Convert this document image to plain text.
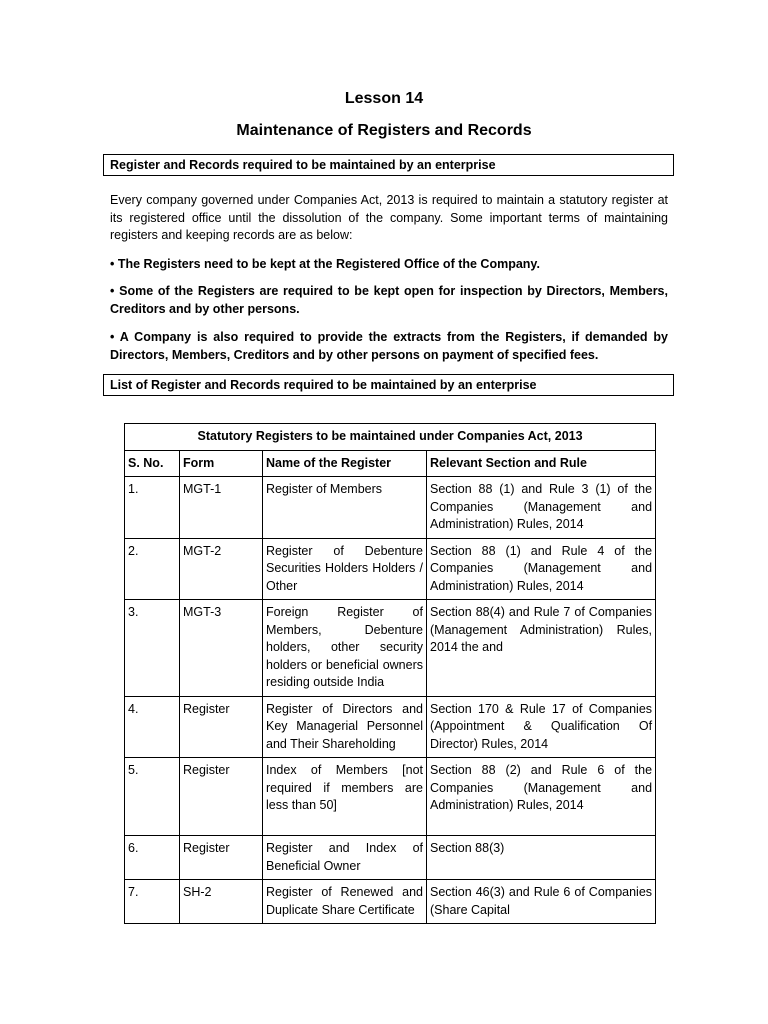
Lesson 14
Maintenance of Registers and Records
Register and Records required to be maintained by an enterprise
Every company governed under Companies Act, 2013 is required to maintain a statutory register at its registered office until the dissolution of the company. Some important terms of maintaining registers and keeping records are as below:
• The Registers need to be kept at the Registered Office of the Company.
• Some of the Registers are required to be kept open for inspection by Directors, Members, Creditors and by other persons.
• A Company is also required to provide the extracts from the Registers, if demanded by Directors, Members, Creditors and by other persons on payment of specified fees.
List of Register and Records required to be maintained by an enterprise
Statutory Registers to be maintained under Companies Act, 2013			
S. No.	Form	Name of the Register	Relevant Section and Rule
1.	MGT-1	Register of Members	Section 88 (1) and Rule 3 (1) of the Companies (Management and Administration) Rules, 2014
2.	MGT-2	Register of Debenture Securities Holders Holders / Other	Section 88 (1) and Rule 4 of the Companies (Management and Administration) Rules, 2014
3.	MGT-3	Foreign Register of Members, Debenture holders, other security holders or beneficial owners residing outside India	Section 88(4) and Rule 7 of Companies (Management Administration) Rules, 2014 the and
4.	Register	Register of Directors and Key Managerial Personnel and Their Shareholding	Section 170 & Rule 17 of Companies (Appointment & Qualification Of Director) Rules, 2014
5.	Register	Index of Members [not required if members are less than 50]	Section 88 (2) and Rule 6 of the Companies (Management and Administration) Rules, 2014
6.	Register	Register and Index of Beneficial Owner	Section 88(3)
7.	SH-2	Register of Renewed and Duplicate Share Certificate	Section 46(3) and Rule 6 of Companies (Share Capital
